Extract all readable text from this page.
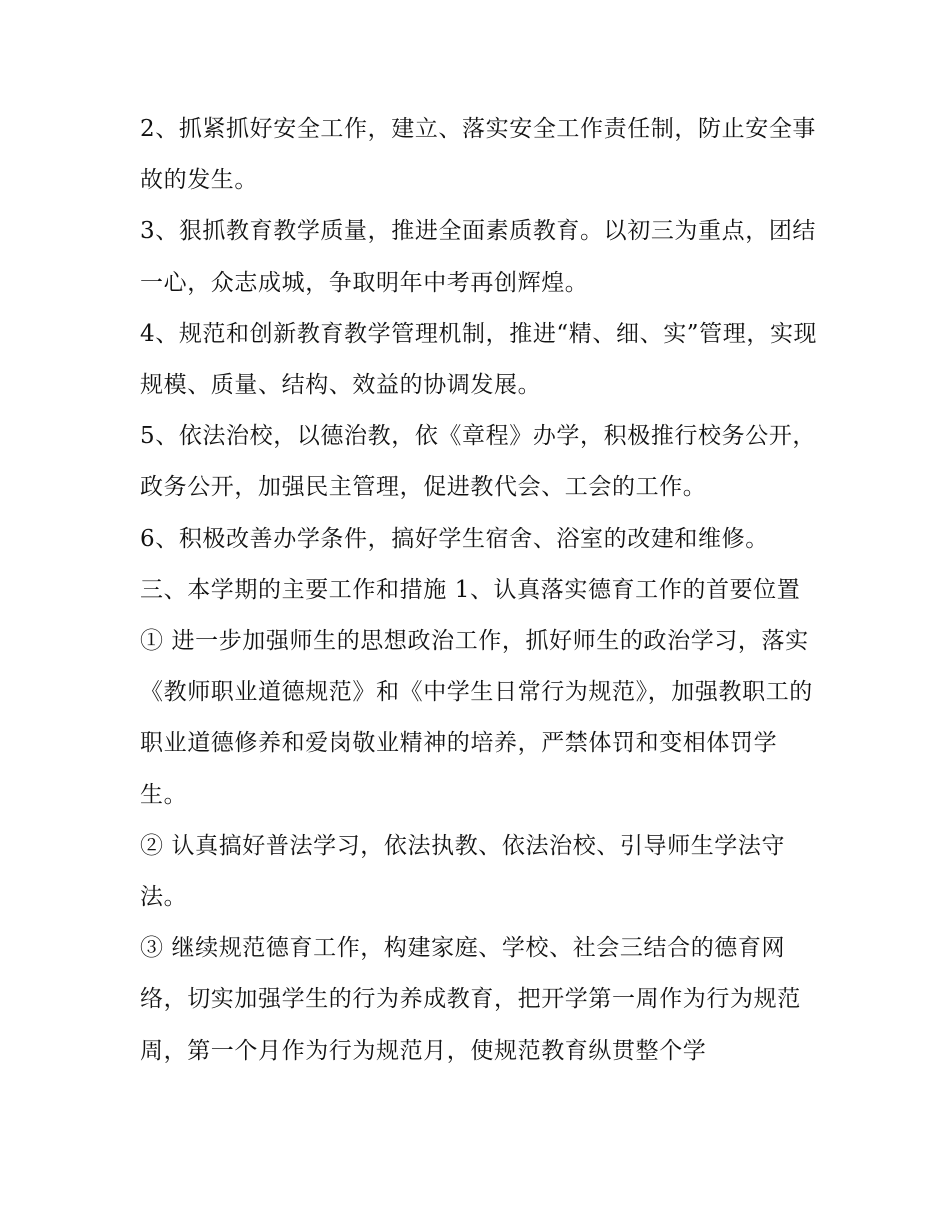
2、抓紧抓好安全工作，建立、落实安全工作责任制，防止安全事故的发生。

3、狠抓教育教学质量，推进全面素质教育。以初三为重点，团结一心，众志成城，争取明年中考再创辉煌。

4、规范和创新教育教学管理机制，推进“精、细、实”管理，实现规模、质量、结构、效益的协调发展。

5、依法治校，以德治教，依《章程》办学，积极推行校务公开，政务公开，加强民主管理，促进教代会、工会的工作。

6、积极改善办学条件，搞好学生宿舍、浴室的改建和维修。

三、本学期的主要工作和措施 1、认真落实德育工作的首要位置

① 进一步加强师生的思想政治工作，抓好师生的政治学习，落实《教师职业道德规范》和《中学生日常行为规范》，加强教职工的职业道德修养和爱岗敬业精神的培养，严禁体罚和变相体罚学生。

② 认真搞好普法学习，依法执教、依法治校、引导师生学法守法。

③ 继续规范德育工作，构建家庭、学校、社会三结合的德育网络，切实加强学生的行为养成教育，把开学第一周作为行为规范周，第一个月作为行为规范月，使规范教育纵贯整个学
